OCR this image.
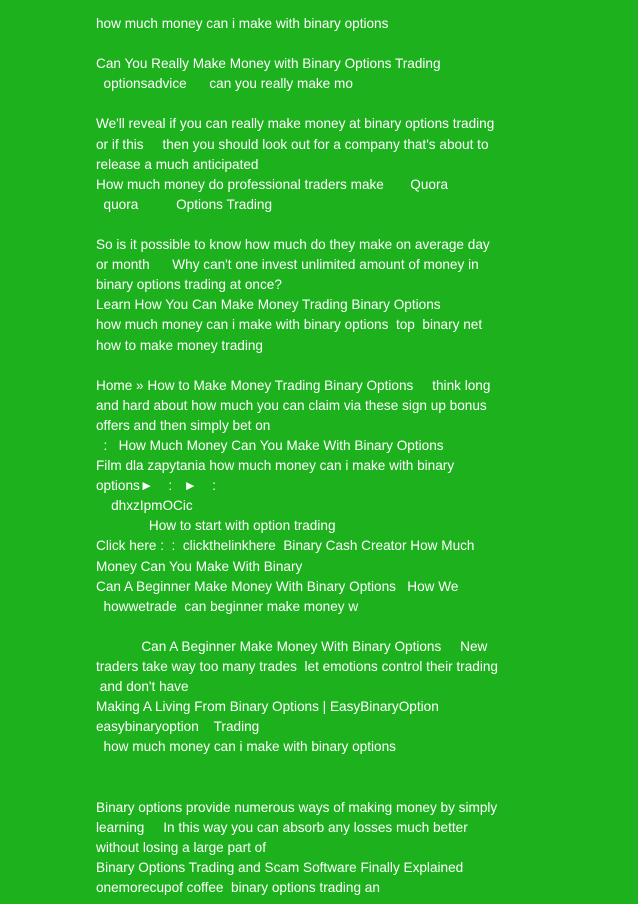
how much money can i make with binary options
Can You Really Make Money with Binary Options Trading
optionsadvice      can you really make mo
We'll reveal if you can really make money at binary options trading
or if this     then you should look out for a company that's about to
release a much anticipated
How much money do professional traders make       Quora
quora          Options Trading
So is it possible to know how much do they make on average day
or month      Why can't one invest unlimited amount of money in
binary options trading at once?
Learn How You Can Make Money Trading Binary Options
how much money can i make with binary options  top  binary net
how to make money trading
Home » How to Make Money Trading Binary Options     think long
and hard about how much you can claim via these sign up bonus
offers and then simply bet on
:   How Much Money Can You Make With Binary Options
Film dla zapytania how much money can i make with binary
options►    :   ►    :
dhxzIpmOCic
How to start with option trading
Click here :  :  clickthelinkhere  Binary Cash Creator How Much
Money Can You Make With Binary
Can A Beginner Make Money With Binary Options   How We
howwetrade  can beginner make money w
Can A Beginner Make Money With Binary Options     New
traders take way too many trades  let emotions control their trading
and don't have
Making A Living From Binary Options | EasyBinaryOption
easybinaryoption    Trading
how much money can i make with binary options
Binary options provide numerous ways of making money by simply
learning     In this way you can absorb any losses much better
without losing a large part of
Binary Options Trading and Scam Software Finally Explained
onemorecupof coffee  binary options trading an
